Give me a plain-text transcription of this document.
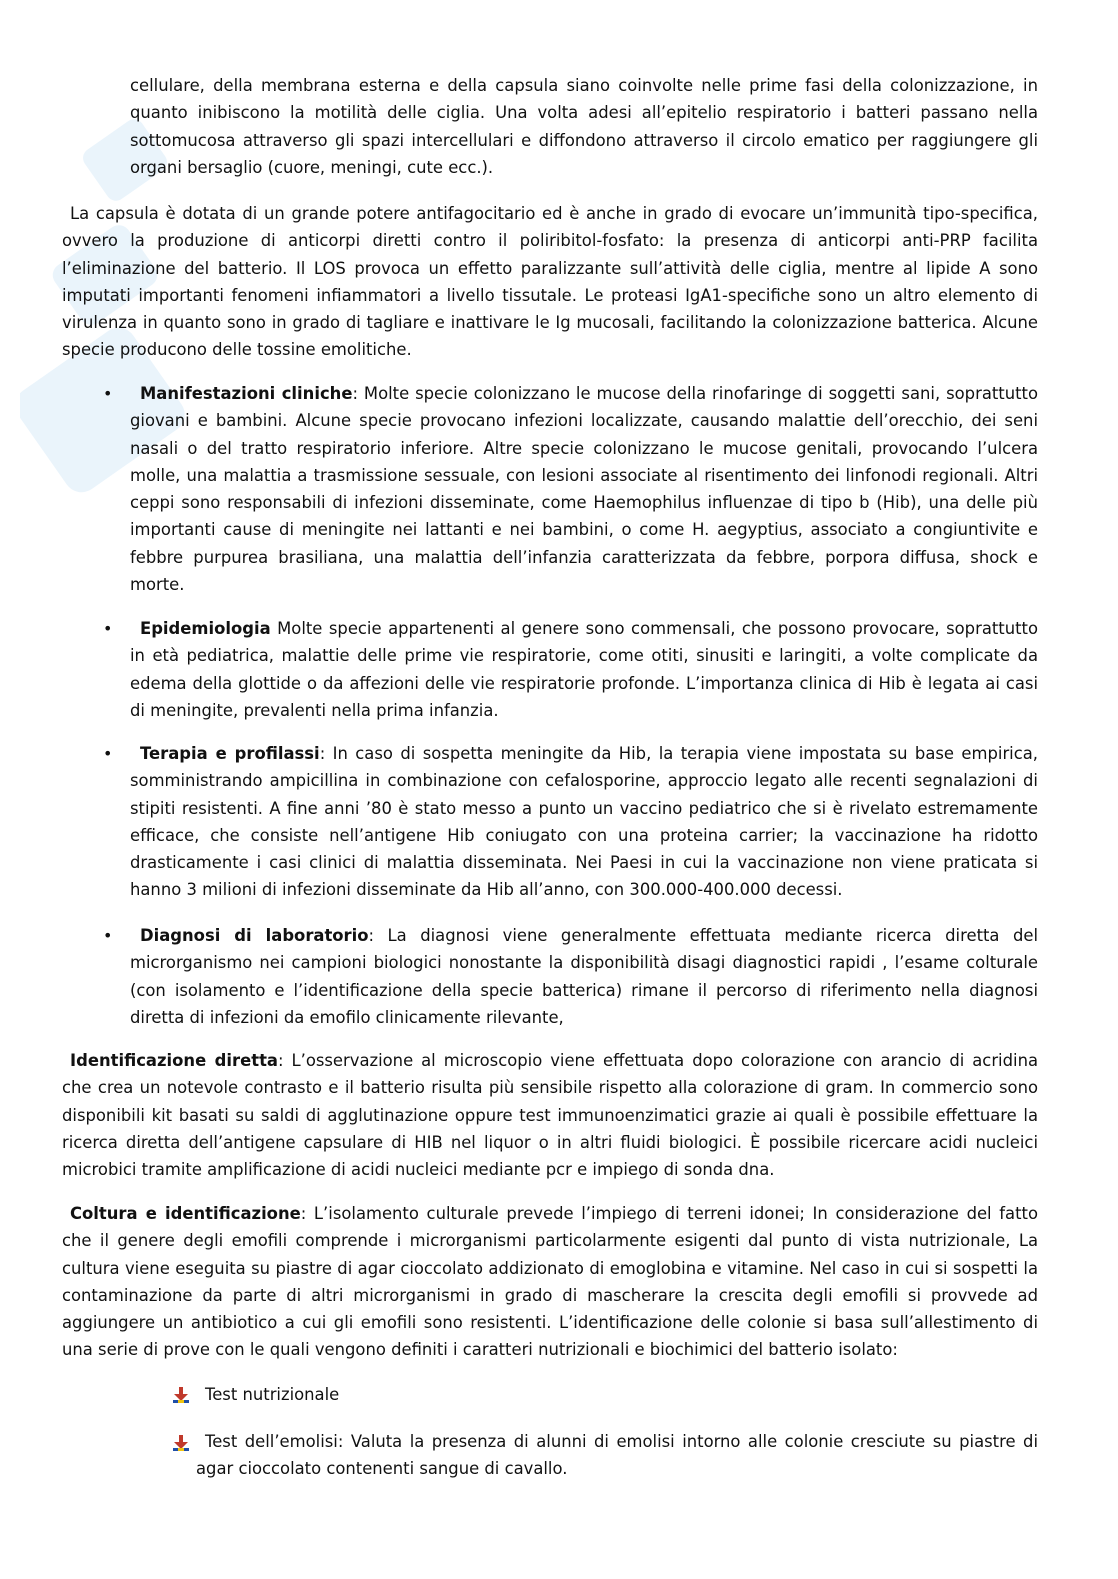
cellulare, della membrana esterna e della capsula siano coinvolte nelle prime fasi della colonizzazione, in quanto inibiscono la motilità delle ciglia. Una volta adesi all’epitelio respiratorio i batteri passano nella sottomucosa attraverso gli spazi intercellulari e diffondono attraverso il circolo ematico per raggiungere gli organi bersaglio (cuore, meningi, cute ecc.).

La capsula è dotata di un grande potere antifagocitario ed è anche in grado di evocare un’immunità tipo-specifica, ovvero la produzione di anticorpi diretti contro il poliribitol-fosfato: la presenza di anticorpi anti-PRP facilita l’eliminazione del batterio. Il LOS provoca un effetto paralizzante sull’attività delle ciglia, mentre al lipide A sono imputati importanti fenomeni infiammatori a livello tissutale. Le proteasi IgA1-specifiche sono un altro elemento di virulenza in quanto sono in grado di tagliare e inattivare le Ig mucosali, facilitando la colonizzazione batterica. Alcune specie producono delle tossine emolitiche.

•	Manifestazioni cliniche: Molte specie colonizzano le mucose della rinofaringe di soggetti sani, soprattutto giovani e bambini. Alcune specie provocano infezioni localizzate, causando malattie dell’orecchio, dei seni nasali o del tratto respiratorio inferiore. Altre specie colonizzano le mucose genitali, provocando l’ulcera molle, una malattia a trasmissione sessuale, con lesioni associate al risentimento dei linfonodi regionali. Altri ceppi sono responsabili di infezioni disseminate, come Haemophilus influenzae di tipo b (Hib), una delle più importanti cause di meningite nei lattanti e nei bambini, o come H. aegyptius, associato a congiuntivite e febbre purpurea brasiliana, una malattia dell’infanzia caratterizzata da febbre, porpora diffusa, shock e morte.

•	Epidemiologia Molte specie appartenenti al genere sono commensali, che possono provocare, soprattutto in età pediatrica, malattie delle prime vie respiratorie, come otiti, sinusiti e laringiti, a volte complicate da edema della glottide o da affezioni delle vie respiratorie profonde. L’importanza clinica di Hib è legata ai casi di meningite, prevalenti nella prima infanzia.

•	Terapia e profilassi: In caso di sospetta meningite da Hib, la terapia viene impostata su base empirica, somministrando ampicillina in combinazione con cefalosporine, approccio legato alle recenti segnalazioni di stipiti resistenti. A fine anni ’80 è stato messo a punto un vaccino pediatrico che si è rivelato estremamente efficace, che consiste nell’antigene Hib coniugato con una proteina carrier; la vaccinazione ha ridotto drasticamente i casi clinici di malattia disseminata. Nei Paesi in cui la vaccinazione non viene praticata si hanno 3 milioni di infezioni disseminate da Hib all’anno, con 300.000-400.000 decessi.

•	Diagnosi di laboratorio: La diagnosi viene generalmente effettuata mediante ricerca diretta del microrganismo nei campioni biologici nonostante la disponibilità disagi diagnostici rapidi , l’esame colturale (con isolamento e l’identificazione della specie batterica) rimane il percorso di riferimento nella diagnosi diretta di infezioni da emofilo clinicamente rilevante,

Identificazione diretta: L’osservazione al microscopio viene effettuata dopo colorazione con arancio di acridina che crea un notevole contrasto e il batterio risulta più sensibile rispetto alla colorazione di gram. In commercio sono disponibili kit basati su saldi di agglutinazione oppure test immunoenzimatici grazie ai quali è possibile effettuare la ricerca diretta dell’antigene capsulare di HIB nel liquor o in altri fluidi biologici. È possibile ricercare acidi nucleici microbici tramite amplificazione di acidi nucleici mediante pcr e impiego di sonda dna.

Coltura e identificazione: L’isolamento culturale prevede l’impiego di terreni idonei; In considerazione del fatto che il genere degli emofili comprende i microrganismi particolarmente esigenti dal punto di vista nutrizionale, La cultura viene eseguita su piastre di agar cioccolato addizionato di emoglobina e vitamine. Nel caso in cui si sospetti la contaminazione da parte di altri microrganismi in grado di mascherare la crescita degli emofili si provvede ad aggiungere un antibiotico a cui gli emofili sono resistenti. L’identificazione delle colonie si basa sull’allestimento di una serie di prove con le quali vengono definiti i caratteri nutrizionali e biochimici del batterio isolato:

Test nutrizionale
Test dell’emolisi: Valuta la presenza di alunni di emolisi intorno alle colonie cresciute su piastre di agar cioccolato contenenti sangue di cavallo.
